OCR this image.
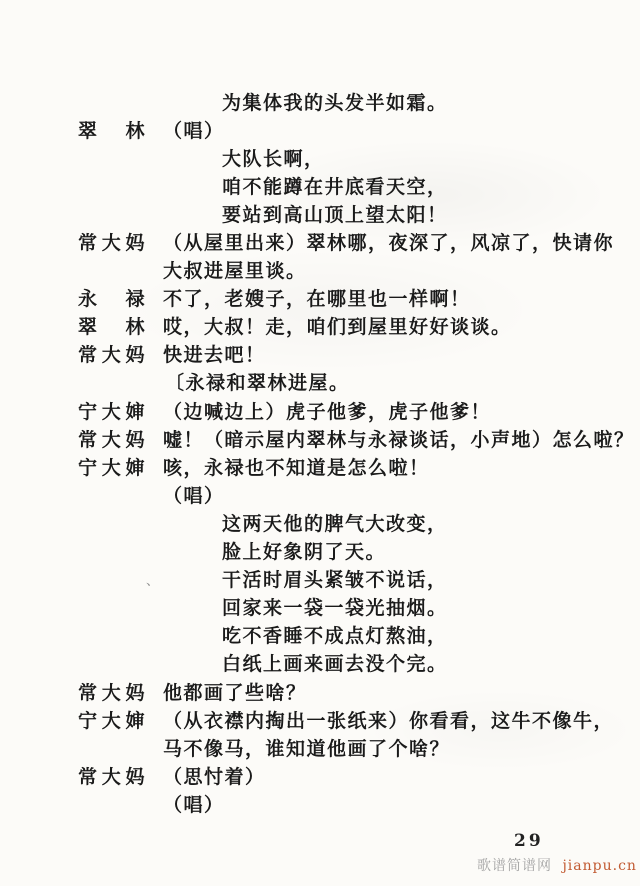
为集体我的头发半如霜。
翠林 （唱）
大队长啊，
咱不能蹲在井底看天空，
要站到高山顶上望太阳！
常大妈 （从屋里出来）翠林哪，夜深了，风凉了，快请你
大叔进屋里谈。
永禄 不了，老嫂子，在哪里也一样啊！
翠林 哎，大叔！走，咱们到屋里好好谈谈。
常大妈 快进去吧！
〔永禄和翠林进屋。
宁大婶 （边喊边上）虎子他爹，虎子他爹！
常大妈 嘘！（暗示屋内翠林与永禄谈话，小声地）怎么啦？
宁大婶 咳，永禄也不知道是怎么啦！
（唱）
这两天他的脾气大改变，
脸上好象阴了天。
干活时眉头紧皱不说话，
回家来一袋一袋光抽烟。
吃不香睡不成点灯熬油，
白纸上画来画去没个完。
常大妈 他都画了些啥？
宁大婶 （从衣襟内掏出一张纸来）你看看，这牛不像牛，
马不像马，谁知道他画了个啥？
常大妈 （思忖着）
（唱）
、
29
歌谱简谱网 jianpu.cn
